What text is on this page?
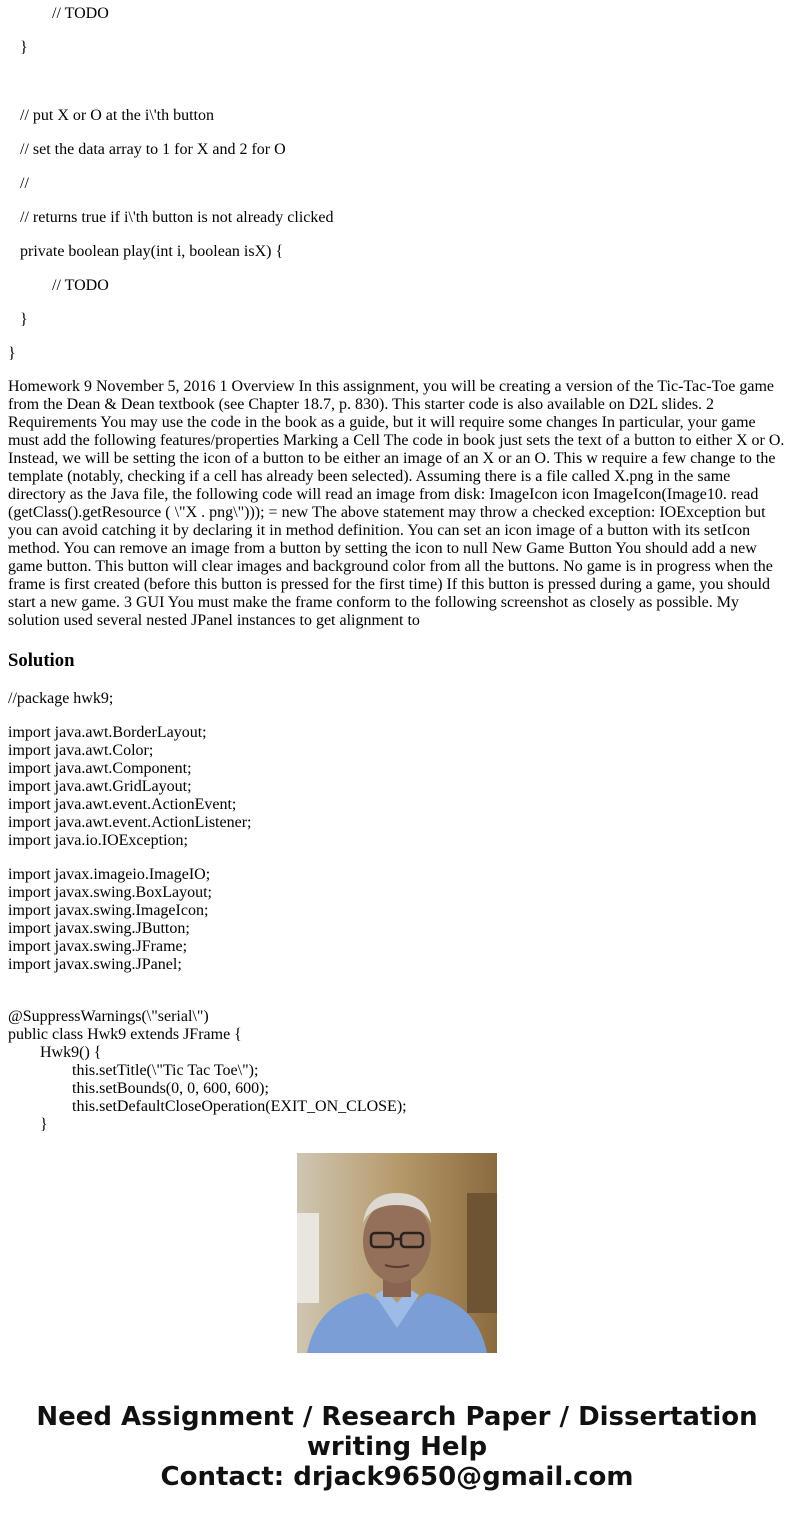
// TODO
}
// put X or O at the i\'th button
// set the data array to 1 for X and 2 for O
//
// returns true if i\'th button is not already clicked
private boolean play(int i, boolean isX) {
// TODO
}
}
Homework 9 November 5, 2016 1 Overview In this assignment, you will be creating a version of the Tic-Tac-Toe game from the Dean & Dean textbook (see Chapter 18.7, p. 830). This starter code is also available on D2L slides. 2 Requirements You may use the code in the book as a guide, but it will require some changes In particular, your game must add the following features/properties Marking a Cell The code in book just sets the text of a button to either X or O. Instead, we will be setting the icon of a button to be either an image of an X or an O. This w require a few change to the template (notably, checking if a cell has already been selected). Assuming there is a file called X.png in the same directory as the Java file, the following code will read an image from disk: ImageIcon icon ImageIcon(Image10. read (getClass().getResource ( \"X . png\"))); = new The above statement may throw a checked exception: IOException but you can avoid catching it by declaring it in method definition. You can set an icon image of a button with its setIcon method. You can remove an image from a button by setting the icon to null New Game Button You should add a new game button. This button will clear images and background color from all the buttons. No game is in progress when the frame is first created (before this button is pressed for the first time) If this button is pressed during a game, you should start a new game. 3 GUI You must make the frame conform to the following screenshot as closely as possible. My solution used several nested JPanel instances to get alignment to
Solution
//package hwk9;
import java.awt.BorderLayout;
import java.awt.Color;
import java.awt.Component;
import java.awt.GridLayout;
import java.awt.event.ActionEvent;
import java.awt.event.ActionListener;
import java.io.IOException;
import javax.imageio.ImageIO;
import javax.swing.BoxLayout;
import javax.swing.ImageIcon;
import javax.swing.JButton;
import javax.swing.JFrame;
import javax.swing.JPanel;
@SuppressWarnings(\"serial\")
public class Hwk9 extends JFrame {
Hwk9() {
this.setTitle(\"Tic Tac Toe\");
this.setBounds(0, 0, 600, 600);
this.setDefaultCloseOperation(EXIT_ON_CLOSE);
}
Need Assignment / Research Paper / Dissertation
writing Help
Contact: drjack9650@gmail.com
